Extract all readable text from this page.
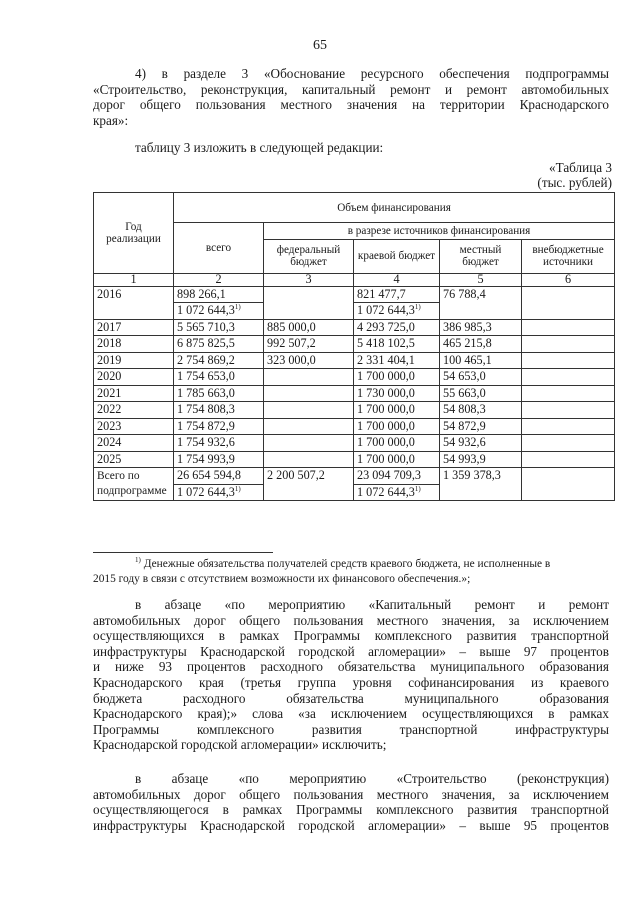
65
4) в разделе 3 «Обоснование ресурсного обеспечения подпрограммы
«Строительство, реконструкция, капитальный ремонт и ремонт автомобильных
дорог общего пользования местного значения на территории Краснодарского
края»:
таблицу 3 изложить в следующей редакции:
«Таблица 3
(тыс. рублей)
Год реализации	Объем финансирования				
	всего	в разрезе источников финансирования			
		федеральный бюджет	краевой бюджет	местный бюджет	внебюджетные источники
1	2	3	4	5	6
2016	898 266,1		821 477,7	76 788,4	
	1 072 644,3$^{1)}$		1 072 644,3$^{1)}$
2017	5 565 710,3	885 000,0	4 293 725,0	386 985,3	
2018	6 875 825,5	992 507,2	5 418 102,5	465 215,8	
2019	2 754 869,2	323 000,0	2 331 404,1	100 465,1	
2020	1 754 653,0		1 700 000,0	54 653,0	
2021	1 785 663,0		1 730 000,0	55 663,0	
2022	1 754 808,3		1 700 000,0	54 808,3	
2023	1 754 872,9		1 700 000,0	54 872,9	
2024	1 754 932,6		1 700 000,0	54 932,6	
2025	1 754 993,9		1 700 000,0	54 993,9	
Всего по подпрограмме	26 654 594,8	2 200 507,2	23 094 709,3	1 359 378,3	
	1 072 644,3$^{1)}$		1 072 644,3$^{1)}$
$^{1)}$ Денежные обязательства получателей средств краевого бюджета, не исполненные в
2015 году в связи с отсутствием возможности их финансового обеспечения.»;
в абзаце «по мероприятию «Капитальный ремонт и ремонт
автомобильных дорог общего пользования местного значения, за исключением
осуществляющихся в рамках Программы комплексного развития транспортной
инфраструктуры Краснодарской городской агломерации» – выше 97 процентов
и ниже 93 процентов расходного обязательства муниципального образования
Краснодарского края (третья группа уровня софинансирования из краевого
бюджета расходного обязательства муниципального образования
Краснодарского края);» слова «за исключением осуществляющихся в рамках
Программы комплексного развития транспортной инфраструктуры
Краснодарской городской агломерации» исключить;
в абзаце «по мероприятию «Строительство (реконструкция)
автомобильных дорог общего пользования местного значения, за исключением
осуществляющегося в рамках Программы комплексного развития транспортной
инфраструктуры Краснодарской городской агломерации» – выше 95 процентов
